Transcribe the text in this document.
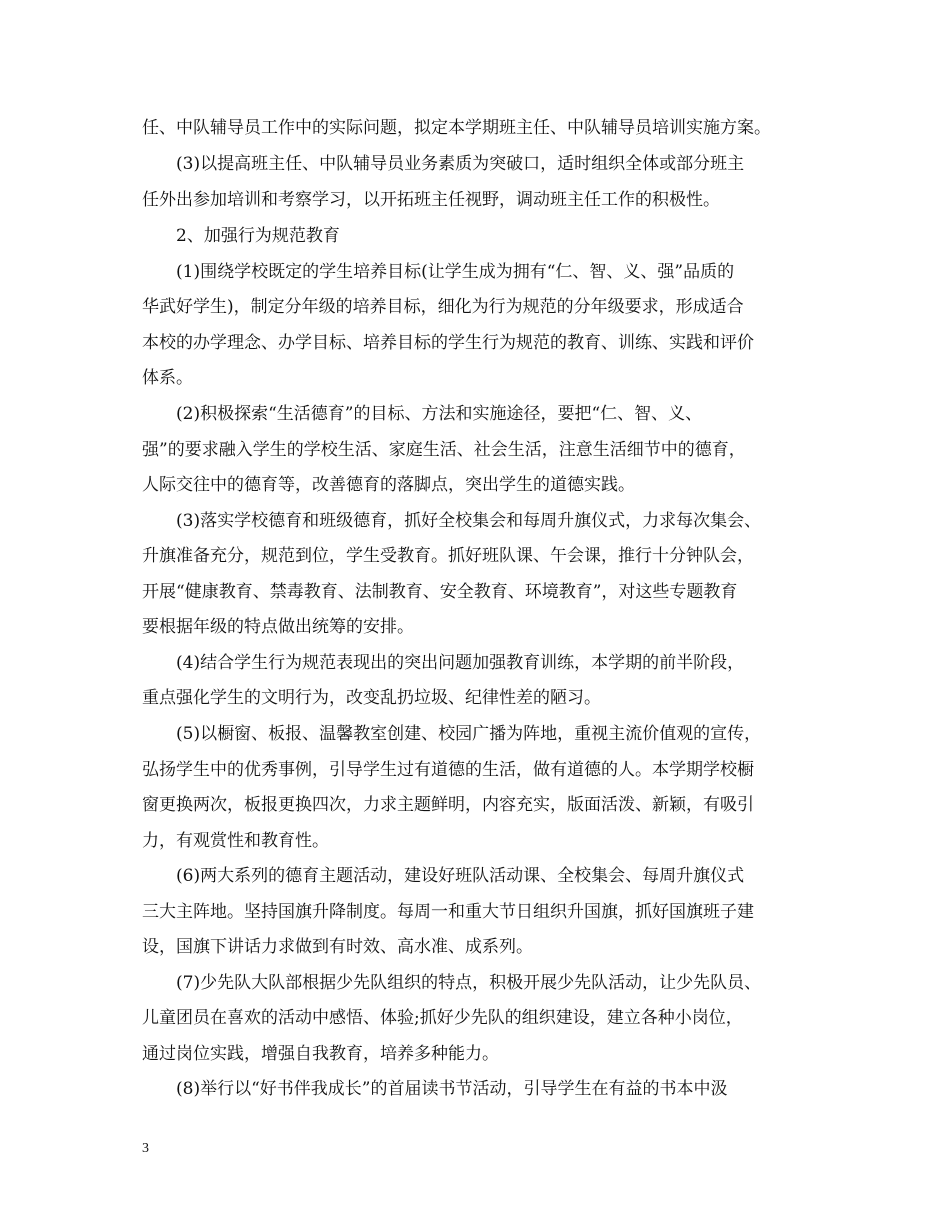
任、中队辅导员工作中的实际问题，拟定本学期班主任、中队辅导员培训实施方案。
(3)以提高班主任、中队辅导员业务素质为突破口，适时组织全体或部分班主
任外出参加培训和考察学习，以开拓班主任视野，调动班主任工作的积极性。
2、加强行为规范教育
(1)围绕学校既定的学生培养目标(让学生成为拥有“仁、智、义、强”品质的
华武好学生)，制定分年级的培养目标，细化为行为规范的分年级要求，形成适合
本校的办学理念、办学目标、培养目标的学生行为规范的教育、训练、实践和评价
体系。
(2)积极探索“生活德育”的目标、方法和实施途径，要把“仁、智、义、
强”的要求融入学生的学校生活、家庭生活、社会生活，注意生活细节中的德育，
人际交往中的德育等，改善德育的落脚点，突出学生的道德实践。
(3)落实学校德育和班级德育，抓好全校集会和每周升旗仪式，力求每次集会、
升旗准备充分，规范到位，学生受教育。抓好班队课、午会课，推行十分钟队会，
开展“健康教育、禁毒教育、法制教育、安全教育、环境教育”，对这些专题教育
要根据年级的特点做出统筹的安排。
(4)结合学生行为规范表现出的突出问题加强教育训练，本学期的前半阶段，
重点强化学生的文明行为，改变乱扔垃圾、纪律性差的陋习。
(5)以橱窗、板报、温馨教室创建、校园广播为阵地，重视主流价值观的宣传，
弘扬学生中的优秀事例，引导学生过有道德的生活，做有道德的人。本学期学校橱
窗更换两次，板报更换四次，力求主题鲜明，内容充实，版面活泼、新颖，有吸引
力，有观赏性和教育性。
(6)两大系列的德育主题活动，建设好班队活动课、全校集会、每周升旗仪式
三大主阵地。坚持国旗升降制度。每周一和重大节日组织升国旗，抓好国旗班子建
设，国旗下讲话力求做到有时效、高水准、成系列。
(7)少先队大队部根据少先队组织的特点，积极开展少先队活动，让少先队员、
儿童团员在喜欢的活动中感悟、体验;抓好少先队的组织建设，建立各种小岗位，
通过岗位实践，增强自我教育，培养多种能力。
(8)举行以“好书伴我成长”的首届读书节活动，引导学生在有益的书本中汲
3
